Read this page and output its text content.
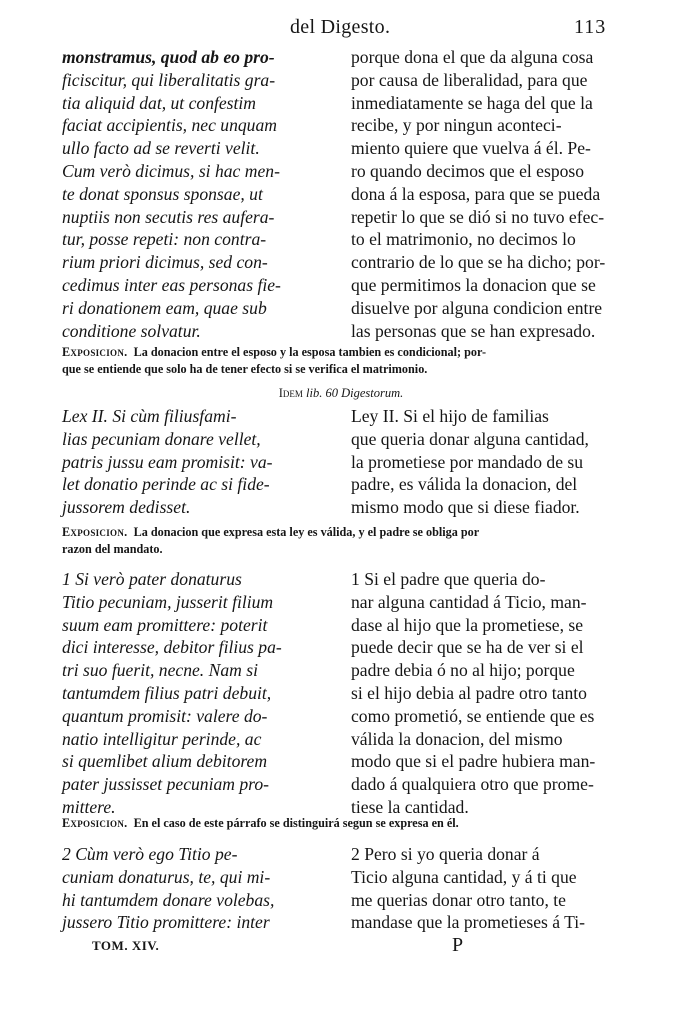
del Digesto.	113
monstramus, quod ab eo pro-
ficiscitur, qui liberalitatis gra-
tia aliquid dat, ut confestim
faciat accipientis, nec unquam
ullo facto ad se reverti velit.
Cum verò dicimus, si hac men-
te donat sponsus sponsae, ut
nuptiis non secutis res aufera-
tur, posse repeti: non contra-
rium priori dicimus, sed con-
cedimus inter eas personas fie-
ri donationem eam, quae sub
conditione solvatur.
porque dona el que da alguna cosa
por causa de liberalidad, para que
inmediatamente se haga del que la
recibe, y por ningun aconteci-
miento quiere que vuelva á él. Pe-
ro quando decimos que el esposo
dona á la esposa, para que se pueda
repetir lo que se dió si no tuvo efec-
to el matrimonio, no decimos lo
contrario de lo que se ha dicho; por-
que permitimos la donacion que se
disuelve por alguna condicion entre
las personas que se han expresado.
Exposicion. La donacion entre el esposo y la esposa tambien es condicional; por-
que se entiende que solo ha de tener efecto si se verifica el matrimonio.
Idem lib. 60 Digestorum.
Lex II. Si cùm filiusfami-
lias pecuniam donare vellet,
patris jussu eam promisit: va-
let donatio perinde ac si fide-
jussorem dedisset.
Ley II. Si el hijo de familias
que queria donar alguna cantidad,
la prometiese por mandado de su
padre, es válida la donacion, del
mismo modo que si diese fiador.
Exposicion. La donacion que expresa esta ley es válida, y el padre se obliga por
razon del mandato.
1 Si verò pater donaturus
Titio pecuniam, jusserit filium
suum eam promittere: poterit
dici interesse, debitor filius pa-
tri suo fuerit, necne. Nam si
tantumdem filius patri debuit,
quantum promisit: valere do-
natio intelligitur perinde, ac
si quemlibet alium debitorem
pater jussisset pecuniam pro-
mittere.
1 Si el padre que queria do-
nar alguna cantidad á Ticio, man-
dase al hijo que la prometiese, se
puede decir que se ha de ver si el
padre debia ó no al hijo; porque
si el hijo debia al padre otro tanto
como prometió, se entiende que es
válida la donacion, del mismo
modo que si el padre hubiera man-
dado á qualquiera otro que prome-
tiese la cantidad.
Exposicion. En el caso de este párrafo se distinguirá segun se expresa en él.
2 Cùm verò ego Titio pe-
cuniam donaturus, te, qui mi-
hi tantumdem donare volebas,
jussero Titio promittere: inter
2 Pero si yo queria donar á
Ticio alguna cantidad, y á ti que
me querias donar otro tanto, te
mandase que la prometieses á Ti-
TOM. XIV.	P
